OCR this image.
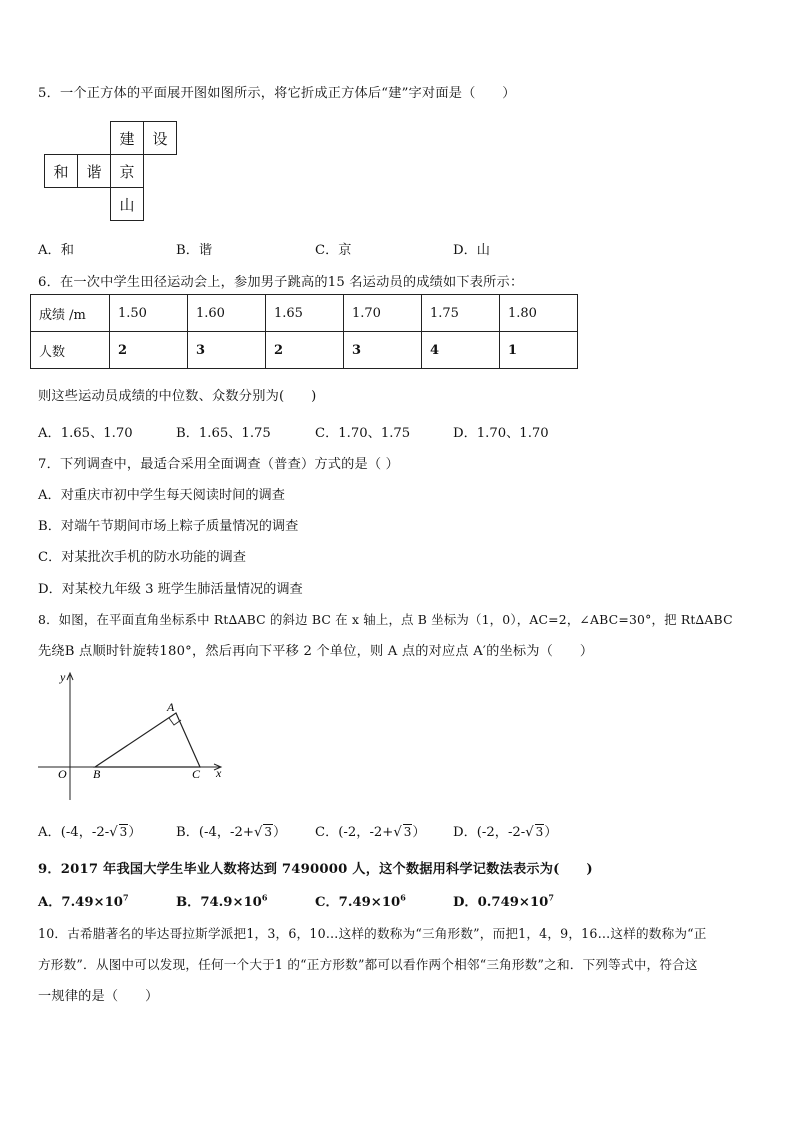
5．一个正方体的平面展开图如图所示，将它折成正方体后“建”字对面是（　　）
建	设
和	谐	京
山
A．和	B．谐	C．京	D．山
6．在一次中学生田径运动会上，参加男子跳高的15 名运动员的成绩如下表所示：
成绩 /m	1.50	1.60	1.65	1.70	1.75	1.80
人数	2	3	2	3	4	1
则这些运动员成绩的中位数、众数分别为(　　)
A．1.65、1.70	B．1.65、1.75	C．1.70、1.75	D．1.70、1.70
7．下列调查中，最适合采用全面调查（普查）方式的是（ ）
A．对重庆市初中学生每天阅读时间的调查
B．对端午节期间市场上粽子质量情况的调查
C．对某批次手机的防水功能的调查
D．对某校九年级 3 班学生肺活量情况的调查
8．如图，在平面直角坐标系中 Rt∆ABC 的斜边 BC 在 x 轴上，点 B 坐标为（1，0），AC=2，∠ABC=30°，把 Rt∆ABC
先绕B 点顺时针旋转180°，然后再向下平移 2 个单位，则 A 点的对应点 A′的坐标为（　　）
y
x
O B	C
A
A．(-4，-2-√ 3）	B．(-4，-2+√ 3） C．(-2，-2+√ 3） D．(-2，-2-√ 3）
9．2017 年我国大学生毕业人数将达到 7490000 人，这个数据用科学记数法表示为(　　)
A．$7.49\times 10^7$	B．$74.9\times 10^6$	C．$7.49\times 10^6$	D．$0.749\times 10^7$
10．古希腊著名的毕达哥拉斯学派把1，3，6，10…这样的数称为“三角形数”，而把1，4，9，16…这样的数称为“正
方形数”．从图中可以发现，任何一个大于1 的“正方形数”都可以看作两个相邻“三角形数”之和．下列等式中，符合这
一规律的是（　　）
